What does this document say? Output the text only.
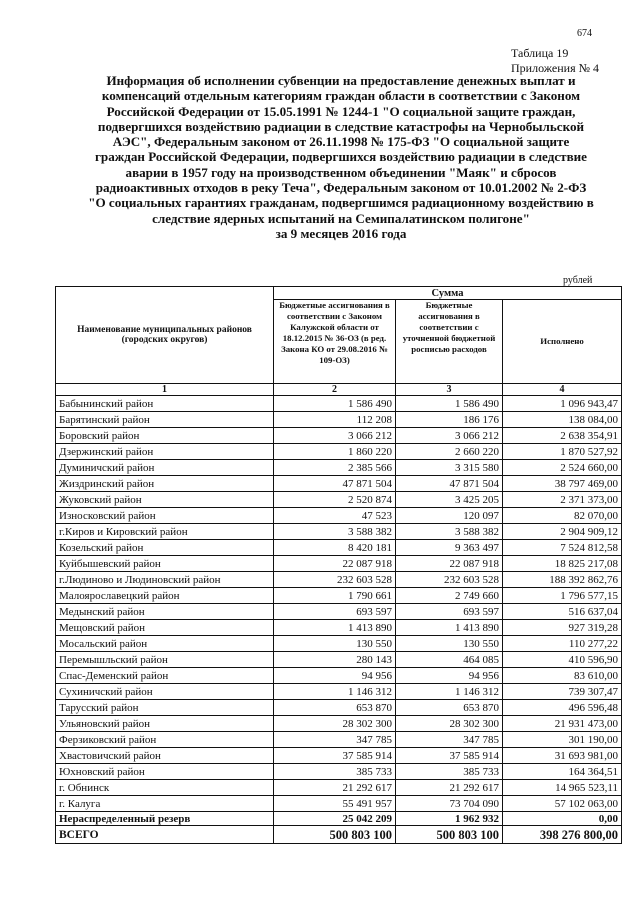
674
Таблица 19
Приложения № 4
Информация об исполнении субвенции на предоставление денежных выплат и
компенсаций отдельным категориям граждан области в соответствии с Законом
Российской Федерации от 15.05.1991 № 1244-1 "О социальной защите граждан,
подвергшихся воздействию радиации в следствие катастрофы на Чернобыльской
АЭС", Федеральным законом от 26.11.1998 № 175-ФЗ "О социальной защите
граждан Российской Федерации, подвергшихся воздействию радиации в следствие
аварии в 1957 году на производственном объединении "Маяк" и сбросов
радиоактивных отходов в реку Теча", Федеральным законом от 10.01.2002 № 2-ФЗ
"О социальных гарантиях гражданам, подвергшимся радиационному воздействию в
следствие ядерных испытаний на Семипалатинском полигоне"
за 9 месяцев 2016 года
рублей
Наименование муниципальных районов (городских округов)	Сумма		
	Бюджетные ассигнования в соответствии с Законом Калужской области от 18.12.2015 № 36-ОЗ (в ред. Закона КО от 29.08.2016 № 109-ОЗ)	Бюджетные ассигнования в соответствии с уточненной бюджетной росписью расходов	Исполнено
1	2	3	4
Бабынинский район	1 586 490	1 586 490	1 096 943,47
Барятинский район	112 208	186 176	138 084,00
Боровский район	3 066 212	3 066 212	2 638 354,91
Дзержинский район	1 860 220	2 660 220	1 870 527,92
Думиничский район	2 385 566	3 315 580	2 524 660,00
Жиздринский район	47 871 504	47 871 504	38 797 469,00
Жуковский район	2 520 874	3 425 205	2 371 373,00
Износковский район	47 523	120 097	82 070,00
г.Киров и Кировский район	3 588 382	3 588 382	2 904 909,12
Козельский район	8 420 181	9 363 497	7 524 812,58
Куйбышевский район	22 087 918	22 087 918	18 825 217,08
г.Людиново и Людиновский район	232 603 528	232 603 528	188 392 862,76
Малоярославецкий район	1 790 661	2 749 660	1 796 577,15
Медынский район	693 597	693 597	516 637,04
Мещовский район	1 413 890	1 413 890	927 319,28
Мосальский район	130 550	130 550	110 277,22
Перемышльский район	280 143	464 085	410 596,90
Спас-Деменский район	94 956	94 956	83 610,00
Сухиничский район	1 146 312	1 146 312	739 307,47
Тарусский район	653 870	653 870	496 596,48
Ульяновский район	28 302 300	28 302 300	21 931 473,00
Ферзиковский район	347 785	347 785	301 190,00
Хвастовичский район	37 585 914	37 585 914	31 693 981,00
Юхновский район	385 733	385 733	164 364,51
г. Обнинск	21 292 617	21 292 617	14 965 523,11
г. Калуга	55 491 957	73 704 090	57 102 063,00
Нераспределенный резерв	25 042 209	1 962 932	0,00
ВСЕГО	500 803 100	500 803 100	398 276 800,00
